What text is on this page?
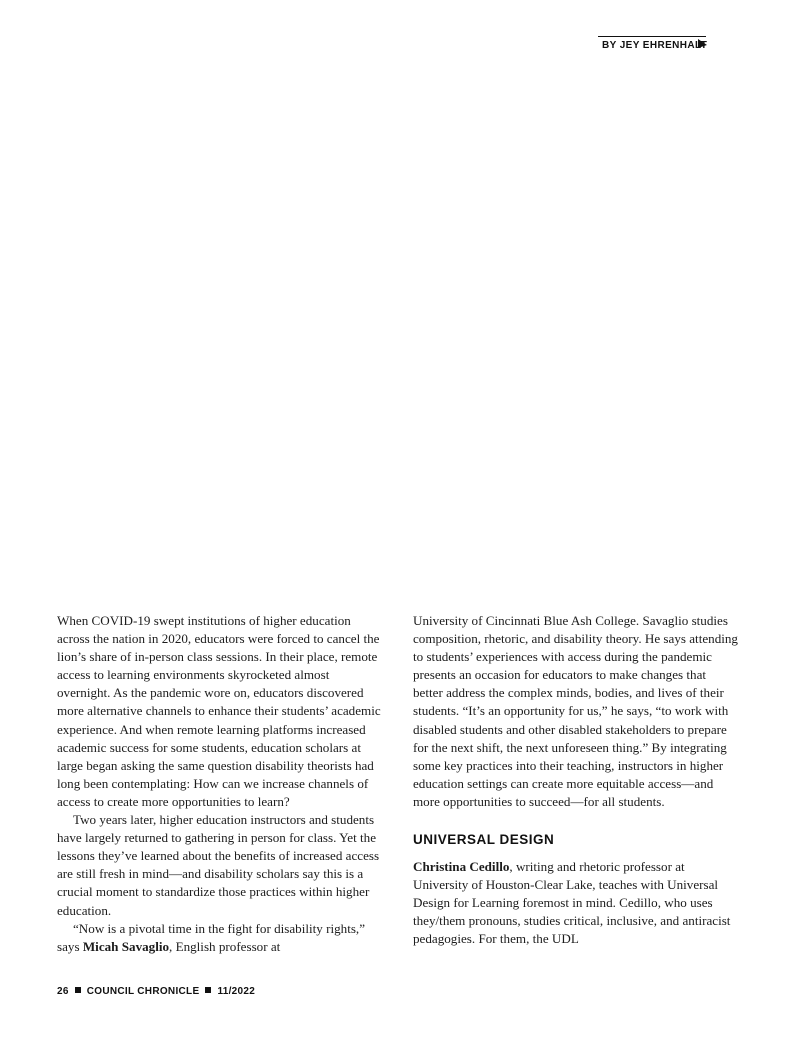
BY JEY EHRENHALT

When COVID-19 swept institutions of higher education across the nation in 2020, educators were forced to cancel the lion’s share of in-person class sessions. In their place, remote access to learning environments skyrocketed almost overnight. As the pandemic wore on, educators discovered more alternative channels to enhance their students’ academic experience. And when remote learning platforms increased academic success for some students, education scholars at large began asking the same question disability theorists had long been contemplating: How can we increase channels of access to create more opportunities to learn?

Two years later, higher education instructors and students have largely returned to gathering in person for class. Yet the lessons they’ve learned about the benefits of increased access are still fresh in mind—and disability scholars say this is a crucial moment to standardize those practices within higher education.

“Now is a pivotal time in the fight for disability rights,” says Micah Savaglio, English professor at

University of Cincinnati Blue Ash College. Savaglio studies composition, rhetoric, and disability theory. He says attending to students’ experiences with access during the pandemic presents an occasion for educators to make changes that better address the complex minds, bodies, and lives of their students. “It’s an opportunity for us,” he says, “to work with disabled students and other disabled stakeholders to prepare for the next shift, the next unforeseen thing.” By integrating some key practices into their teaching, instructors in higher education settings can create more equitable access—and more opportunities to succeed—for all students.

UNIVERSAL DESIGN

Christina Cedillo, writing and rhetoric professor at University of Houston-Clear Lake, teaches with Universal Design for Learning foremost in mind. Cedillo, who uses they/them pronouns, studies critical, inclusive, and antiracist pedagogies. For them, the UDL

26 COUNCIL CHRONICLE 11/2022
